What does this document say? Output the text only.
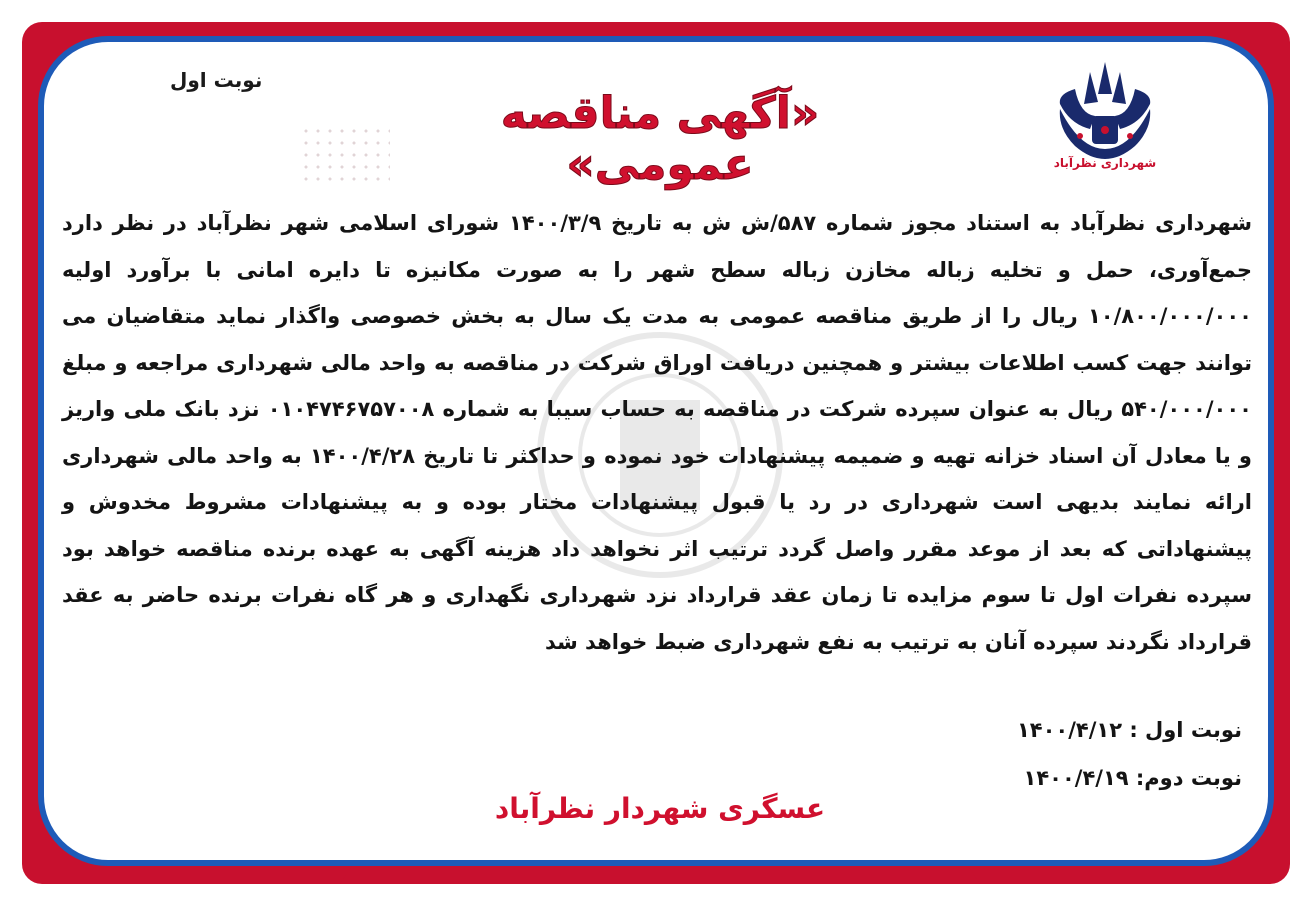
نوبت اول
«آگهی مناقصه عمومی»	شهرداری نظرآباد
شهرداری نظرآباد به استناد مجوز شماره ۵۸۷/ش ش به تاریخ ۱۴۰۰/۳/۹ شورای اسلامی شهر نظرآباد در نظر دارد جمع‌آوری، حمل و تخلیه زباله مخازن زباله سطح شهر را به صورت مکانیزه تا دایره امانی با برآورد اولیه ۱۰/۸۰۰/۰۰۰/۰۰۰ ریال را از طریق مناقصه عمومی به مدت یک سال به بخش خصوصی واگذار نماید متقاضیان می توانند جهت کسب اطلاعات بیشتر و همچنین دریافت اوراق شرکت در مناقصه به واحد مالی شهرداری مراجعه و مبلغ ۵۴۰/۰۰۰/۰۰۰ ریال به عنوان سپرده شرکت در مناقصه به حساب سیبا به شماره ۰۱۰۴۷۴۶۷۵۷۰۰۸ نزد بانک ملی واریز و یا معادل آن اسناد خزانه تهیه و ضمیمه پیشنهادات خود نموده و حداکثر تا تاریخ ۱۴۰۰/۴/۲۸ به واحد مالی شهرداری ارائه نمایند بدیهی است شهرداری در رد یا قبول پیشنهادات مختار بوده و به پیشنهادات مشروط مخدوش و پیشنهاداتی که بعد از موعد مقرر واصل گردد ترتیب اثر نخواهد داد هزینه آگهی به عهده برنده مناقصه خواهد بود سپرده نفرات اول تا سوم مزایده تا زمان عقد قرارداد نزد شهرداری نگهداری و هر گاه نفرات برنده حاضر به عقد قرارداد نگردند سپرده آنان به ترتیب به نفع شهرداری ضبط خواهد شد
نوبت اول : ۱۴۰۰/۴/۱۲
نوبت دوم: ۱۴۰۰/۴/۱۹
عسگری شهردار نظرآباد
